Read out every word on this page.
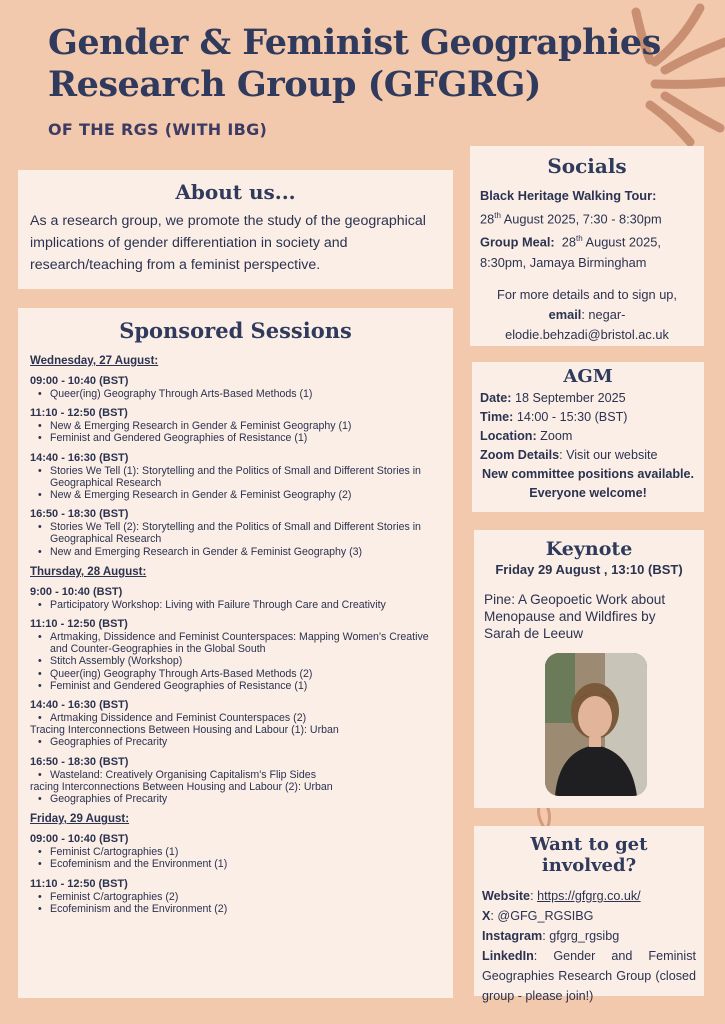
Gender & Feminist Geographies Research Group (GFGRG)
OF THE RGS (WITH IBG)
About us...

As a research group, we promote the study of the geographical implications of gender differentiation in society and research/teaching from a feminist perspective.

Sponsored Sessions
Wednesday, 27 August:
09:00 - 10:40 (BST)
• Queer(ing) Geography Through Arts-Based Methods (1)
11:10 - 12:50 (BST)
• New & Emerging Research in Gender & Feminist Geography (1)
• Feminist and Gendered Geographies of Resistance (1)
14:40 - 16:30 (BST)
• Stories We Tell (1): Storytelling and the Politics of Small and Different Stories in Geographical Research
• New & Emerging Research in Gender & Feminist Geography (2)
16:50 - 18:30 (BST)
• Stories We Tell (2): Storytelling and the Politics of Small and Different Stories in Geographical Research
• New and Emerging Research in Gender & Feminist Geography (3)
Thursday, 28 August:
9:00 - 10:40 (BST)
• Participatory Workshop: Living with Failure Through Care and Creativity
11:10 - 12:50 (BST)
• Artmaking, Dissidence and Feminist Counterspaces: Mapping Women's Creative and Counter-Geographies in the Global South
• Stitch Assembly (Workshop)
• Queer(ing) Geography Through Arts-Based Methods (2)
• Feminist and Gendered Geographies of Resistance (1)
14:40 - 16:30 (BST)
• Artmaking Dissidence and Feminist Counterspaces (2)
Tracing Interconnections Between Housing and Labour (1): Urban
• Geographies of Precarity
16:50 - 18:30 (BST)
• Wasteland: Creatively Organising Capitalism's Flip Sides
racing Interconnections Between Housing and Labour (2): Urban
• Geographies of Precarity
Friday, 29 August:
09:00 - 10:40 (BST)
• Feminist C/artographies (1)
• Ecofeminism and the Environment (1)
11:10 - 12:50 (BST)
• Feminist C/artographies (2)
• Ecofeminism and the Environment (2)
Socials

Black Heritage Walking Tour:
28th August 2025, 7:30 - 8:30pm

Group Meal: 28th August 2025, 8:30pm, Jamaya Birmingham

For more details and to sign up,
email: negar-elodie.behzadi@bristol.ac.uk

AGM

Date: 18 September 2025

Time: 14:00 - 15:30 (BST)

Location: Zoom

Zoom Details: Visit our website

New committee positions available. Everyone welcome!

Keynote
Friday 29 August , 13:10 (BST)

Pine: A Geopoetic Work about Menopause and Wildfires by Sarah de Leeuw

Want to get involved?

Website: https://gfgrg.co.uk/

X: @GFG_RGSIBG

Instagram: gfgrg_rgsibg

LinkedIn: Gender and Feminist Geographies Research Group (closed group - please join!)
